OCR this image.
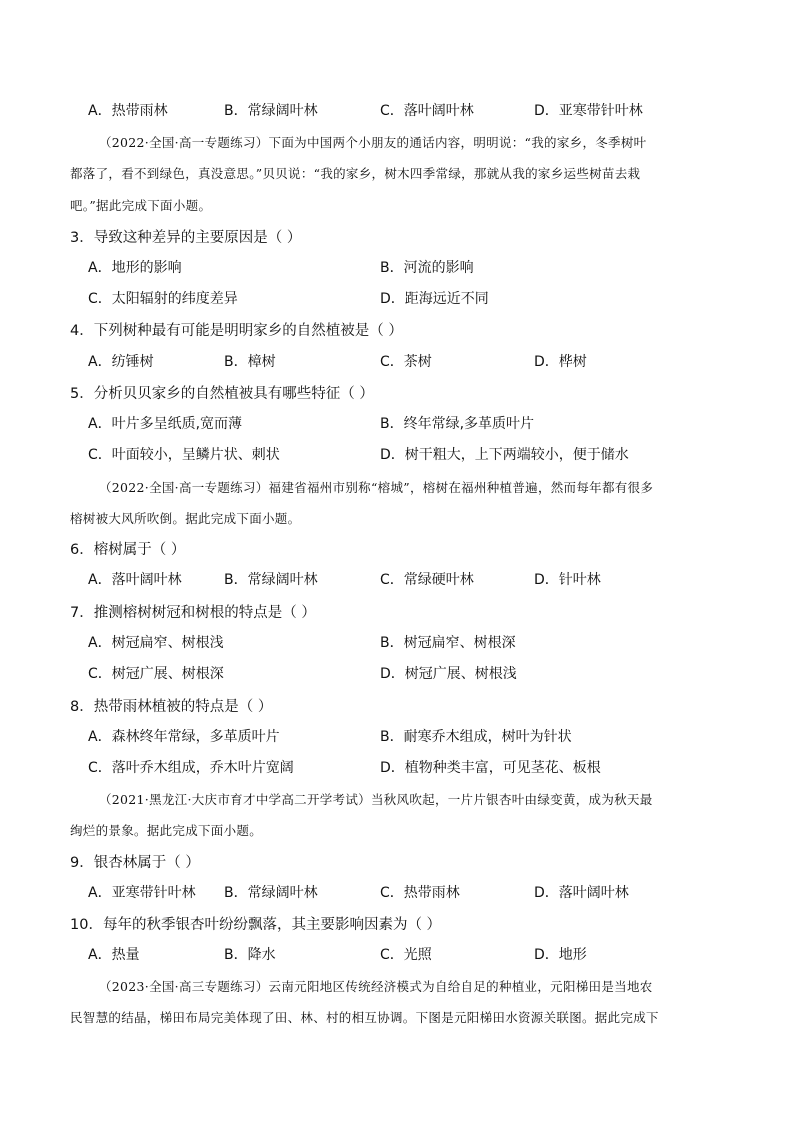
A．热带雨林	B．常绿阔叶林	C．落叶阔叶林	D．亚寒带针叶林
（2022·全国·高一专题练习）下面为中国两个小朋友的通话内容，明明说：“我的家乡，冬季树叶
都落了，看不到绿色，真没意思。”贝贝说：“我的家乡，树木四季常绿，那就从我的家乡运些树苗去栽
吧。”据此完成下面小题。
3．导致这种差异的主要原因是（ ）
A．地形的影响	B．河流的影响
C．太阳辐射的纬度差异	D．距海远近不同
4．下列树种最有可能是明明家乡的自然植被是（ ）
A．纺锤树	B．樟树	C．茶树	D．桦树
5．分析贝贝家乡的自然植被具有哪些特征（ ）
A．叶片多呈纸质,宽而薄	B．终年常绿,多革质叶片
C．叶面较小，呈鳞片状、刺状	D．树干粗大，上下两端较小，便于储水
（2022·全国·高一专题练习）福建省福州市别称“榕城”，榕树在福州种植普遍，然而每年都有很多
榕树被大风所吹倒。据此完成下面小题。
6．榕树属于（ ）
A．落叶阔叶林	B．常绿阔叶林	C．常绿硬叶林	D．针叶林
7．推测榕树树冠和树根的特点是（ ）
A．树冠扁窄、树根浅	B．树冠扁窄、树根深
C．树冠广展、树根深	D．树冠广展、树根浅
8．热带雨林植被的特点是（ ）
A．森林终年常绿，多革质叶片	B．耐寒乔木组成，树叶为针状
C．落叶乔木组成，乔木叶片宽阔	D．植物种类丰富，可见茎花、板根
（2021·黑龙江·大庆市育才中学高二开学考试）当秋风吹起，一片片银杏叶由绿变黄，成为秋天最
绚烂的景象。据此完成下面小题。
9．银杏林属于（ ）
A．亚寒带针叶林 B．常绿阔叶林	C．热带雨林	D．落叶阔叶林
10．每年的秋季银杏叶纷纷飘落，其主要影响因素为（ ）
A．热量	B．降水	C．光照	D．地形
（2023·全国·高三专题练习）云南元阳地区传统经济模式为自给自足的种植业，元阳梯田是当地农
民智慧的结晶，梯田布局完美体现了田、林、村的相互协调。下图是元阳梯田水资源关联图。据此完成下
